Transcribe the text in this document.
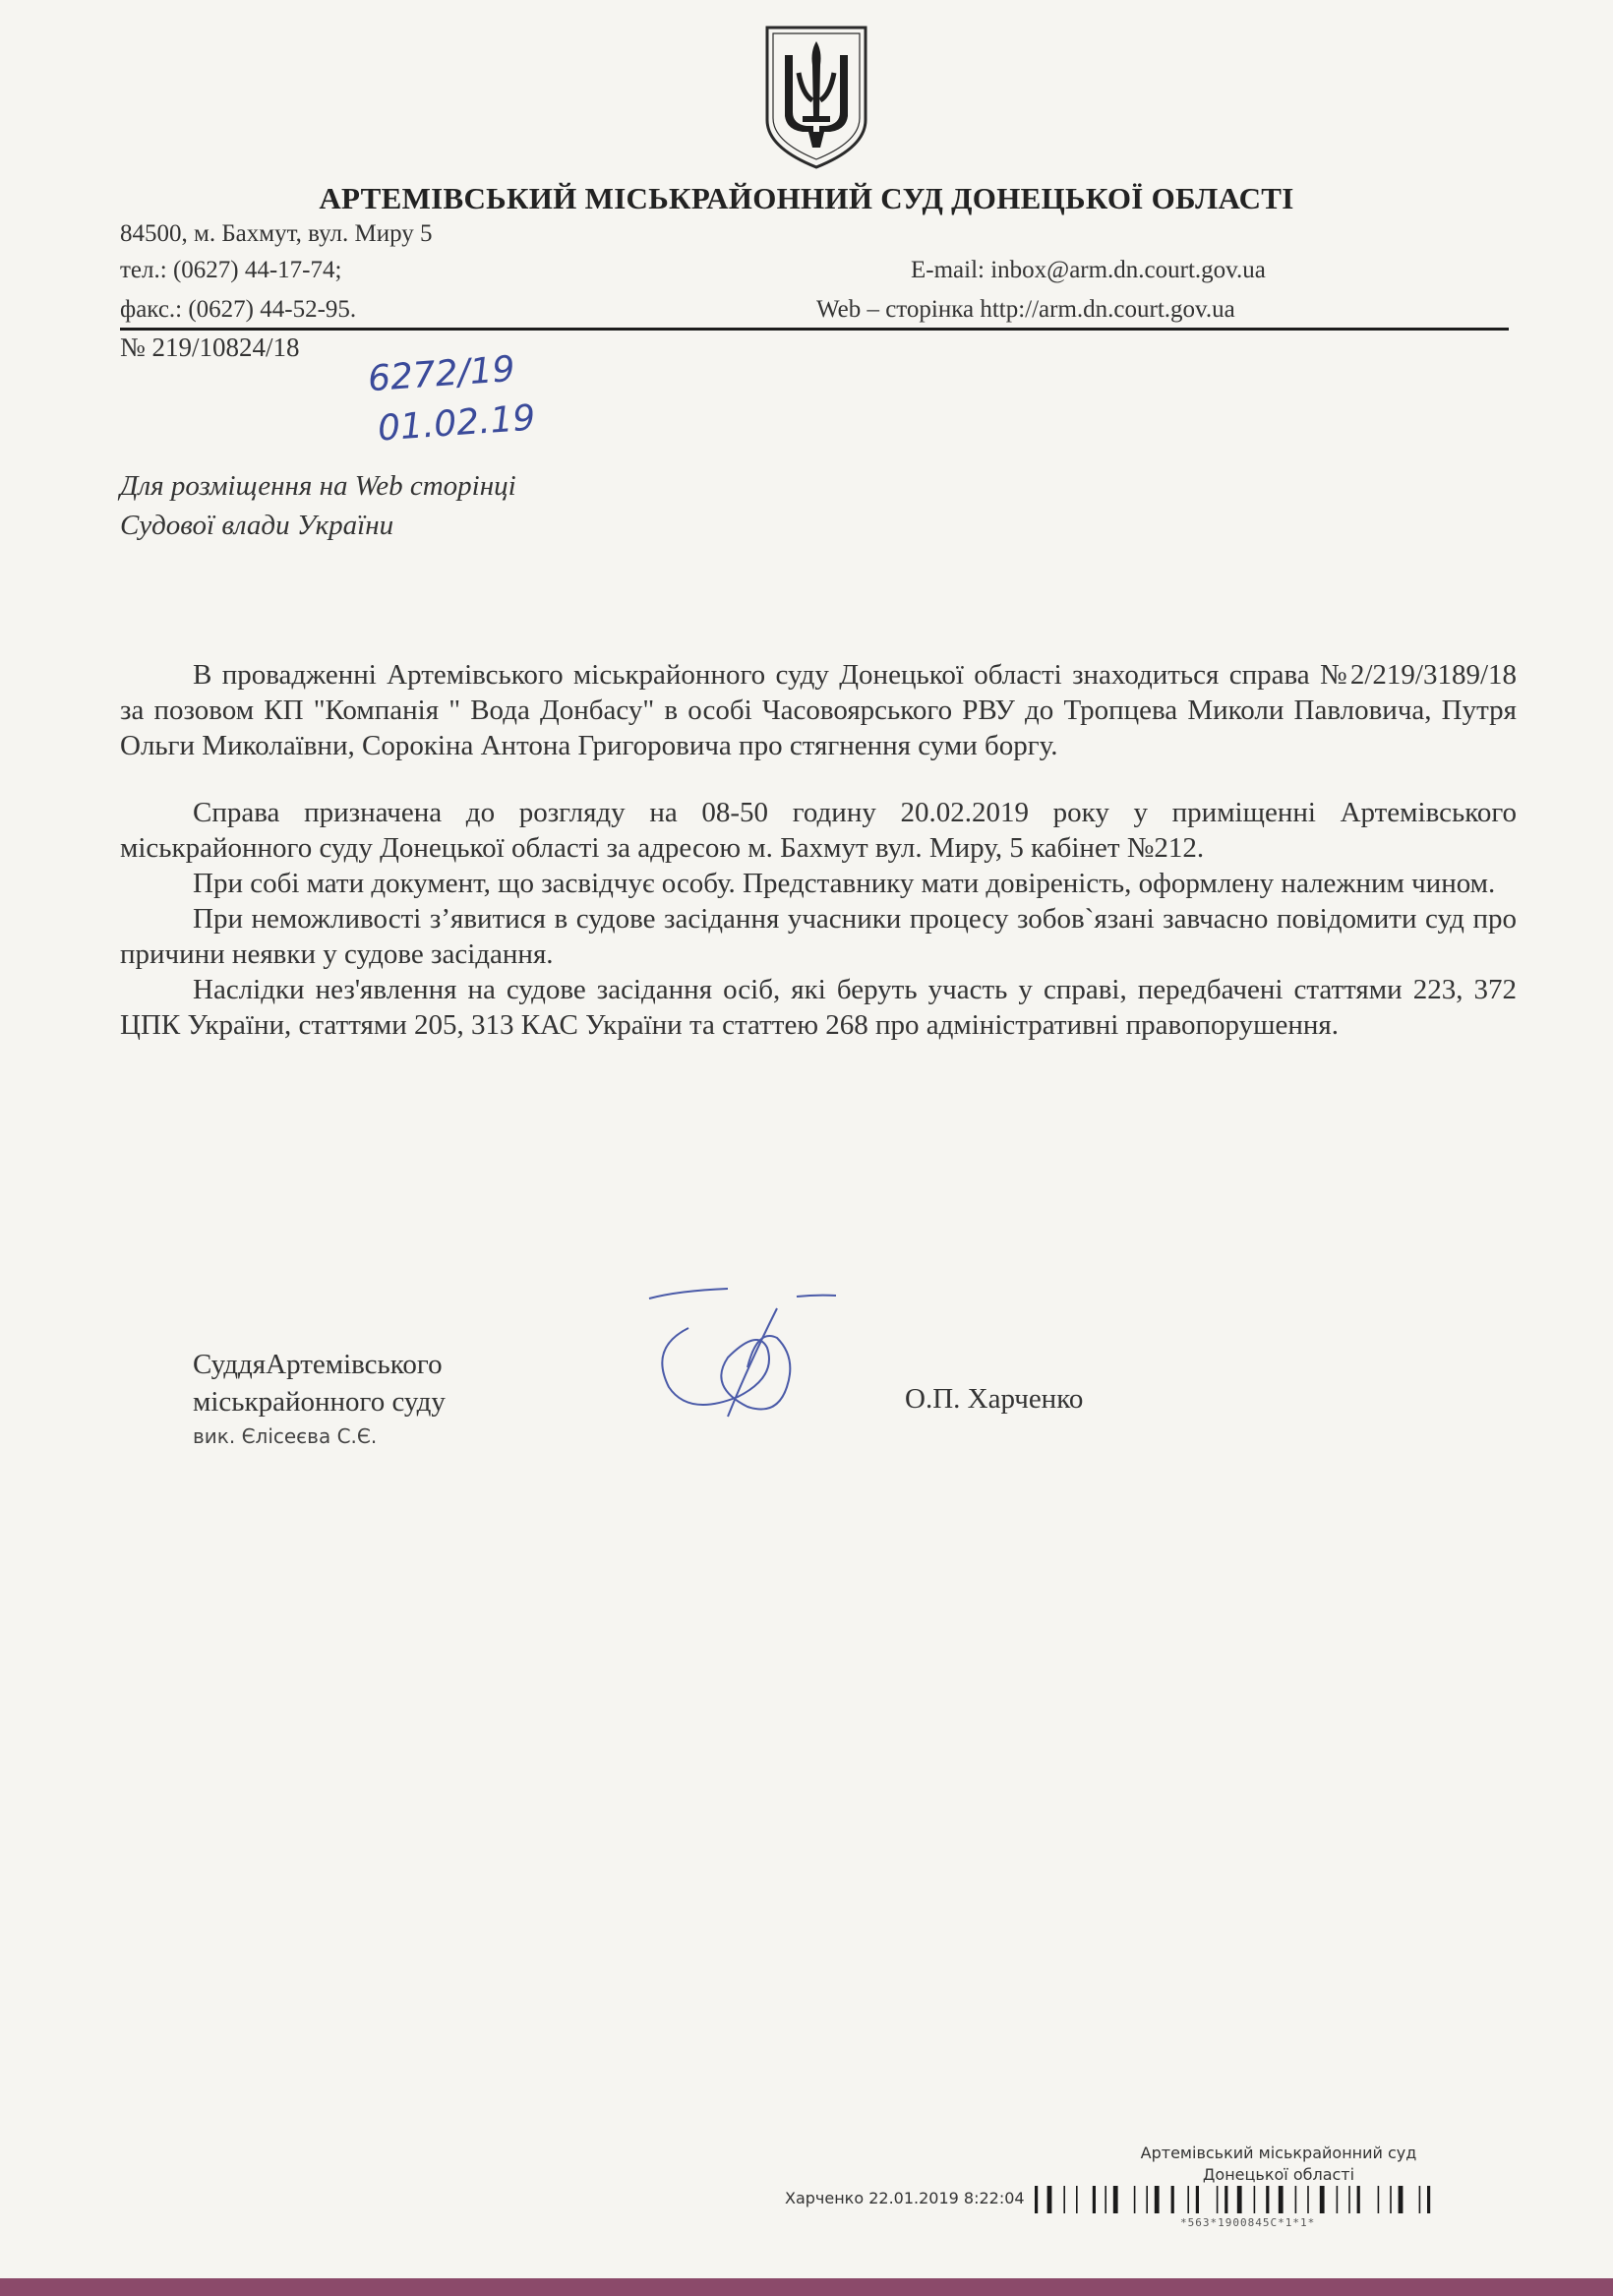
АРТЕМІВСЬКИЙ МІСЬКРАЙОННИЙ СУД ДОНЕЦЬКОЇ ОБЛАСТІ
84500, м. Бахмут, вул. Миру 5
тел.: (0627) 44-17-74;	E-mail: inbox@arm.dn.court.gov.ua
факс.: (0627) 44-52-95.	Web – сторінка http://arm.dn.court.gov.ua
№ 219/10824/18
6272/19
01.02.19
Для розміщення на Web сторінці
Судової влади України

В провадженні Артемівського міськрайонного суду Донецької області знаходиться справа №2/219/3189/18 за позовом КП "Компанія " Вода Донбасу" в особі Часовоярського РВУ до Тропцева Миколи Павловича, Путря Ольги Миколаївни, Сорокіна Антона Григоровича про стягнення суми боргу.

Справа призначена до розгляду на 08-50 годину 20.02.2019 року у приміщенні Артемівського міськрайонного суду Донецької області за адресою м. Бахмут вул. Миру, 5 кабінет №212.

При собі мати документ, що засвідчує особу. Представнику мати довіреність, оформлену належним чином.

При неможливості з’явитися в судове засідання учасники процесу зобов`язані завчасно повідомити суд про причини неявки у судове засідання.

Наслідки нез'явлення на судове засідання осіб, які беруть участь у справі, передбачені статтями 223, 372 ЦПК України, статтями 205, 313 КАС України та статтею 268 про адміністративні правопорушення.

СуддяАртемівського
міськрайонного суду
вик. Єлісеєва С.Є.
О.П. Харченко
Артемівський міськрайонний суд
Донецької області
Харченко 22.01.2019 8:22:04
*563*1900845С*1*1*
